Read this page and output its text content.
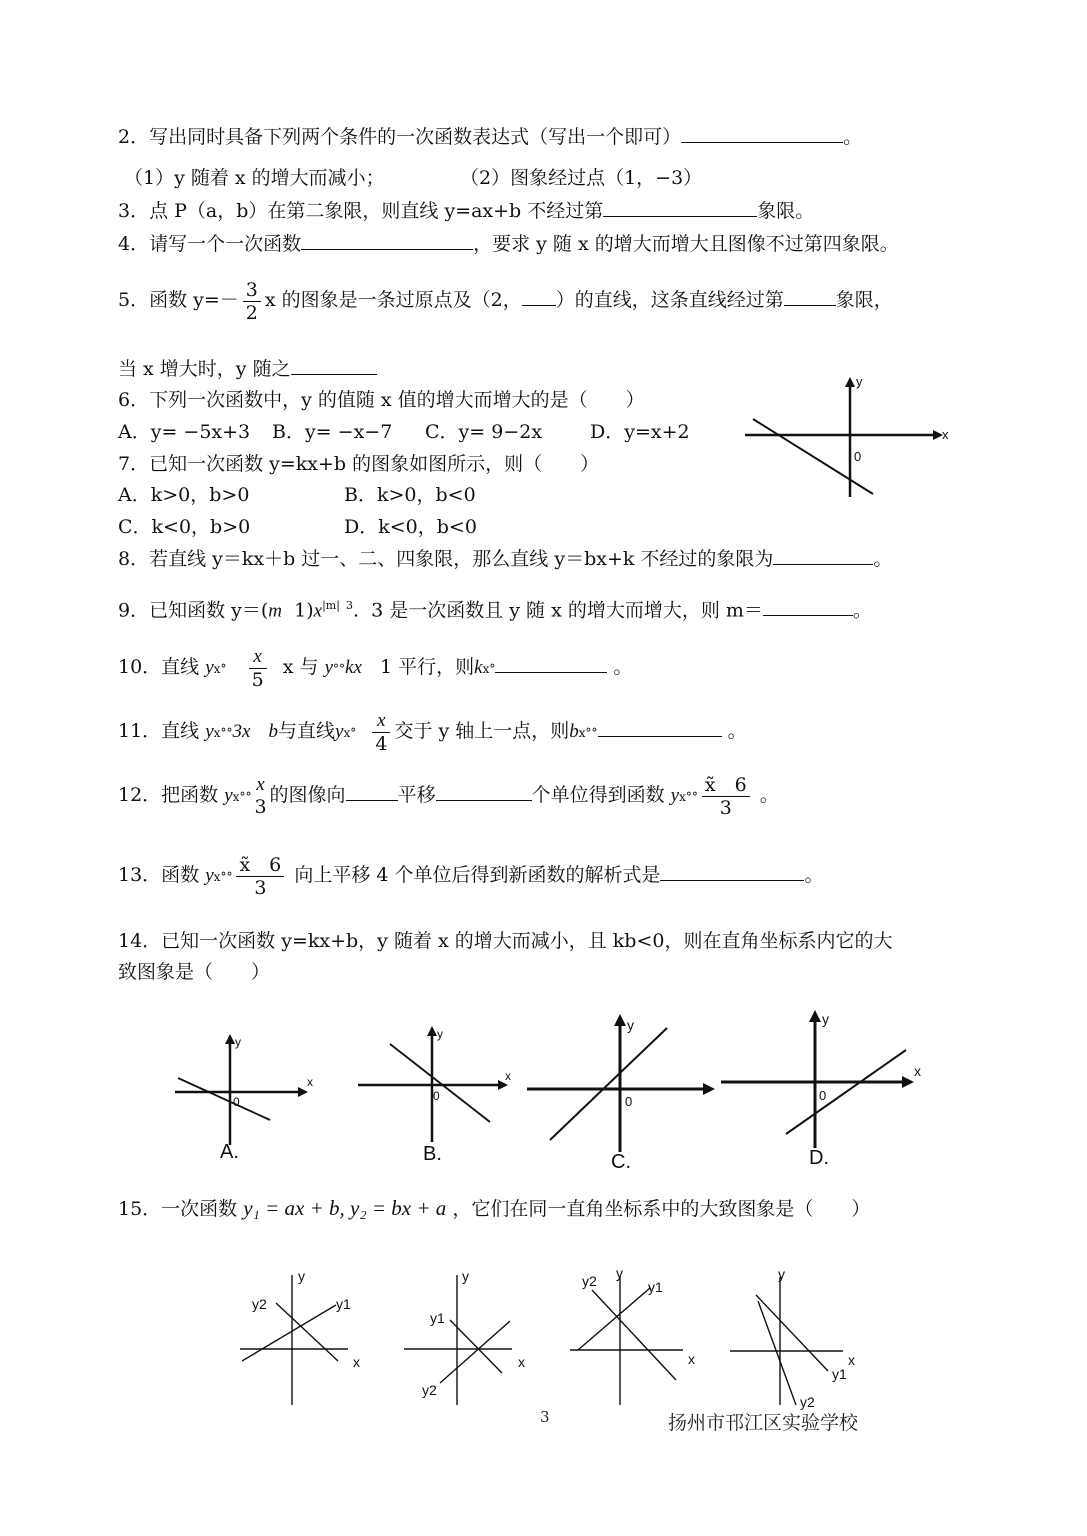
2．写出同时具备下列两个条件的一次函数表达式（写出一个即可）	。
（1）y 随着 x 的增大而减小；	（2）图象经过点（1，−3）
3．点 P（a，b）在第二象限，则直线 y=ax+b 不经过第	象限。
4．请写一个一次函数	，要求 y 随 x 的增大而增大且图像不过第四象限。
5．函数 $y=- \frac{3}{2}$ x 的图象是一条过原点及（2， ）的直线，这条直线经过第	象限，
当 x 增大时，y 随之
6．下列一次函数中，y 的值随 x 值的增大而增大的是（　　）
A．y= −5x+3 B．y= −x−7 C．y= 9−2x	D．y=x+2
7．已知一次函数 y=kx+b 的图象如图所示，则（　　）
A．k>0，b>0	B．k>0，b<0
C．k<0，b>0	D．k<0，b<0
x
y
0
8．若直线 y＝kx＋b 过一、二、四象限，那么直线 y＝bx+k 不经过的象限为	。
9．已知函数 y＝(m $1)x^{|m|}$ $^3$. 3 是一次函数且 y 随 x 的增大而增大，则 m＝	。
10．直线 $yx^\circ \frac{x}{5}$ x 与 y°°kx 1 平行，则kx°	。
11．直线 yx°°3x b与直线$yx^\circ \frac{x}{4}$ 交于 y 轴上一点，则bx°°	。
12．把函数 yx°°
x
3
的图像向	平移	个单位得到函数 $yx^\circ^\circ \frac{x̃ 6}{3}$ 。
13．函数 $yx^\circ^\circ \frac{x̃ 6}{3}$ 向上平移 4 个单位后得到新函数的解析式是	。
14．已知一次函数 y=kx+b，y 随着 x 的增大而减小，且 kb<0，则在直角坐标系内它的大
致图象是（　　）
x
y
0
A.
x
y
0
B.
y
0
C.
x
y
0
D.
15．一次函数 y₁ = ax + b, y₂ = bx + a ，它们在同一直角坐标系中的大致图象是（　　）
x
y
y2	y1
x
y
y1
y2
x
y
y2	y1
x
y
y1
y2
3	扬州市邗江区实验学校
